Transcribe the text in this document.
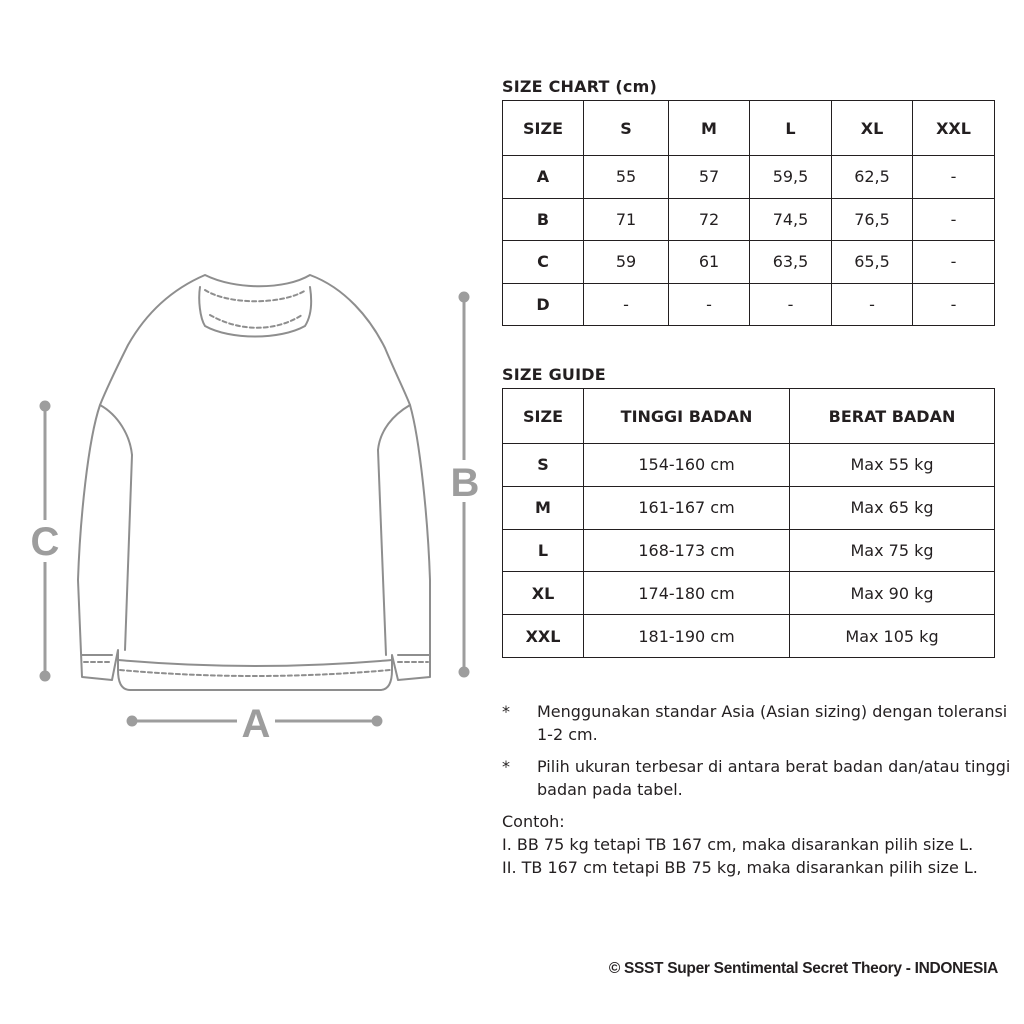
A
B
C
SIZE CHART (cm)
SIZE	S	M	L	XL	XXL
A	55	57	59,5	62,5	-
B	71	72	74,5	76,5	-
C	59	61	63,5	65,5	-
D	-	-	-	-	-
SIZE GUIDE
SIZE	TINGGI BADAN	BERAT BADAN
S	154-160 cm	Max 55 kg
M	161-167 cm	Max 65 kg
L	168-173 cm	Max 75 kg
XL	174-180 cm	Max 90 kg
XXL	181-190 cm	Max 105 kg
*	Menggunakan standar Asia (Asian sizing) dengan toleransi 1-2 cm.
*	Pilih ukuran terbesar di antara berat badan dan/atau tinggi badan pada tabel.
Contoh:
I. BB 75 kg tetapi TB 167 cm, maka disarankan pilih size L.
II. TB 167 cm tetapi BB 75 kg, maka disarankan pilih size L.
© SSST Super Sentimental Secret Theory - INDONESIA
